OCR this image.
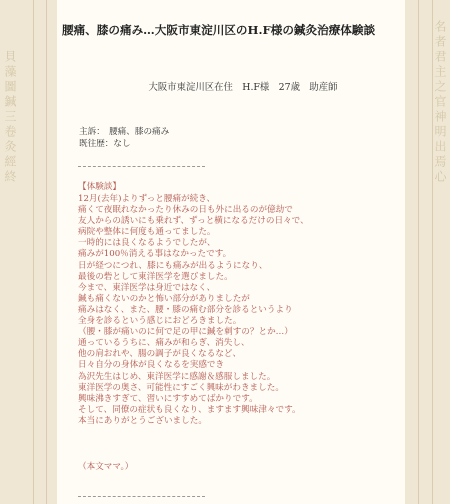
貝藻圖鍼三卷灸經終	名者君主之官神明出焉心
腰痛、膝の痛み…大阪市東淀川区のH.F様の鍼灸治療体験談
大阪市東淀川区在住　H.F様　27歳　助産師
主訴：　腰痛、膝の痛み
既往歴：なし
【体験談】
12月(去年)よりずっと腰痛が続き、
痛くて夜眠れなかったり休みの日も外に出るのが億劫で
友人からの誘いにも乗れず、ずっと横になるだけの日々で、
病院や整体に何度も通ってました。
一時的には良くなるようでしたが、
痛みが100％消える事はなかったです。
日が経つにつれ、膝にも痛みが出るようになり、
最後の砦として東洋医学を選びました。
今まで、東洋医学は身近ではなく、
鍼も痛くないのかと怖い部分がありましたが
痛みはなく、また、腰・膝の痛む部分を診るというより
全身を診るという感じにおどろきました。
（腰・膝が痛いのに何で足の甲に鍼を刺すの？とか…）
通っているうちに、痛みが和らぎ、消失し、
他の肩おれや、腸の調子が良くなるなど、
日々自分の身体が良くなるを実感でき
為沢先生はじめ、東洋医学に感謝＆感服しました。
東洋医学の奥さ、可能性にすごく興味がわきました。
興味沸きすぎて、習いにすすめてばかりです。
そして、同僚の症状も良くなり、ますます興味津々です。
本当にありがとうございました。
（本文ママ。）
